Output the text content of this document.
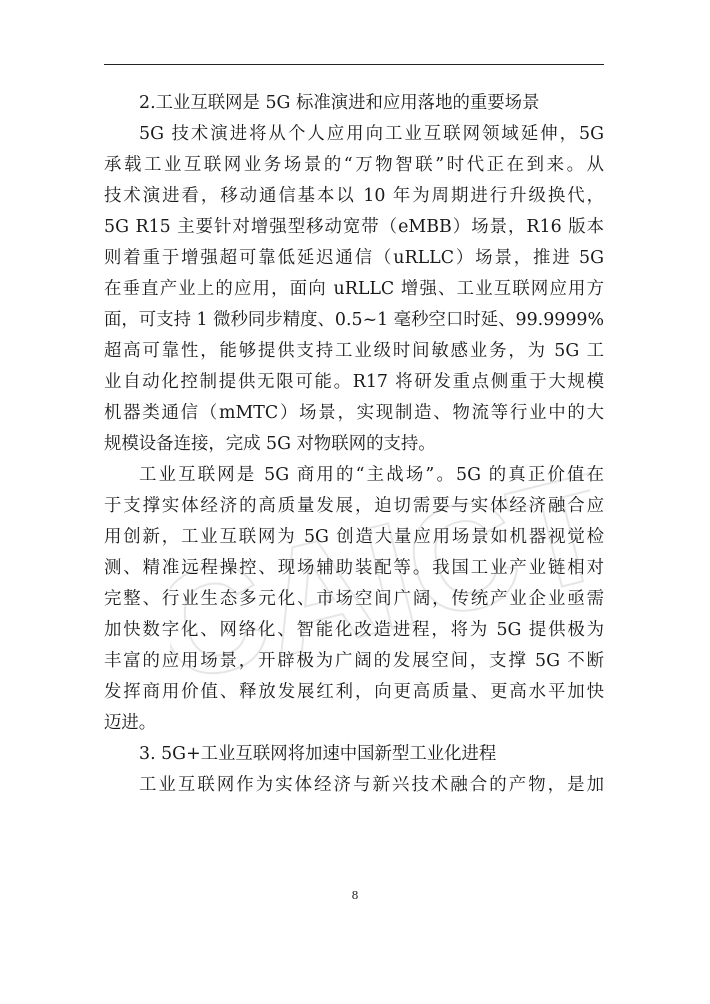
CAICT
2.工业互联网是 5G 标准演进和应用落地的重要场景
5G 技术演进将从个人应用向工业互联网领域延伸，5G
承载工业互联网业务场景的“万物智联”时代正在到来。从
技术演进看，移动通信基本以 10 年为周期进行升级换代，
5G R15 主要针对增强型移动宽带（eMBB）场景，R16 版本
则着重于增强超可靠低延迟通信（uRLLC）场景，推进 5G
在垂直产业上的应用，面向 uRLLC 增强、工业互联网应用方
面，可支持 1 微秒同步精度、0.5~1 毫秒空口时延、99.9999%
超高可靠性，能够提供支持工业级时间敏感业务，为 5G 工
业自动化控制提供无限可能。R17 将研发重点侧重于大规模
机器类通信（mMTC）场景，实现制造、物流等行业中的大
规模设备连接，完成 5G 对物联网的支持。
工业互联网是 5G 商用的“主战场”。5G 的真正价值在
于支撑实体经济的高质量发展，迫切需要与实体经济融合应
用创新，工业互联网为 5G 创造大量应用场景如机器视觉检
测、精准远程操控、现场辅助装配等。我国工业产业链相对
完整、行业生态多元化、市场空间广阔，传统产业企业亟需
加快数字化、网络化、智能化改造进程，将为 5G 提供极为
丰富的应用场景，开辟极为广阔的发展空间，支撑 5G 不断
发挥商用价值、释放发展红利，向更高质量、更高水平加快
迈进。
3. 5G+工业互联网将加速中国新型工业化进程
工业互联网作为实体经济与新兴技术融合的产物，是加
8
